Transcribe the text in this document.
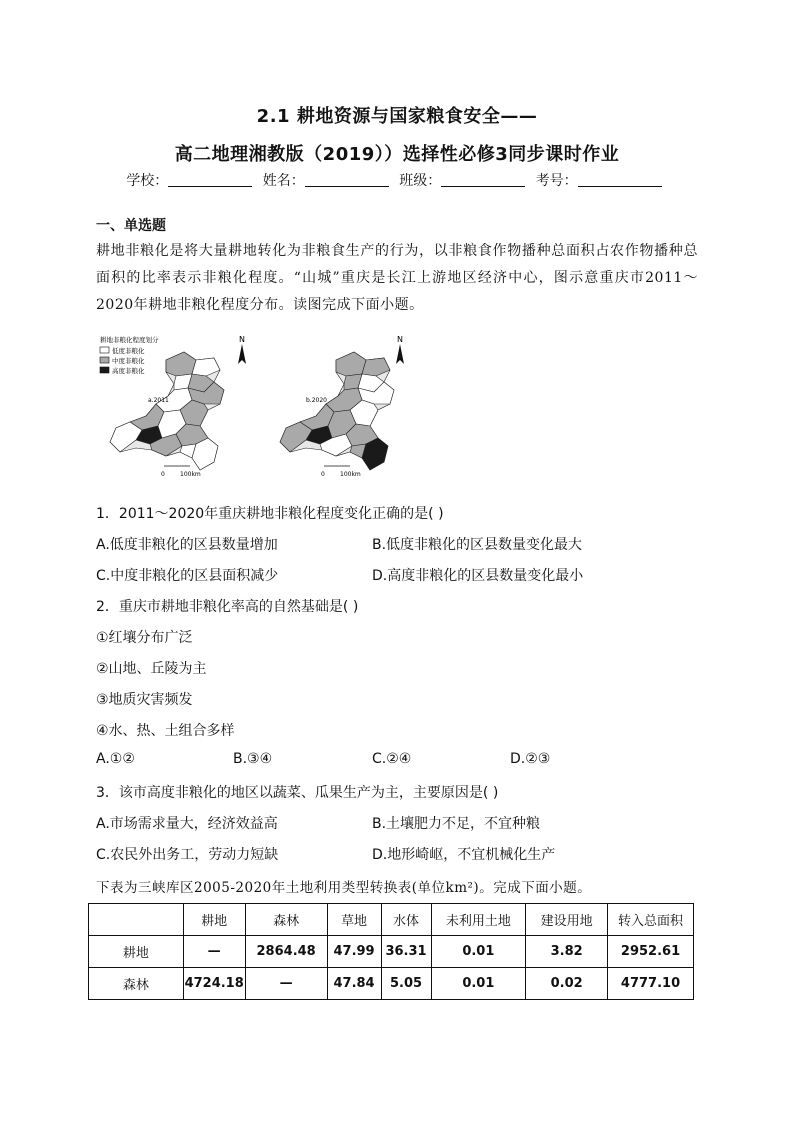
2.1 耕地资源与国家粮食安全——
高二地理湘教版（2019））选择性必修3同步课时作业
学校：	姓名：	班级：	考号：
一、单选题
耕地非粮化是将大量耕地转化为非粮食生产的行为，以非粮食作物播种总面积占农作物播种总面积的比率表示非粮化程度。“山城”重庆是长江上游地区经济中心，图示意重庆市2011～2020年耕地非粮化程度分布。读图完成下面小题。
耕地非粮化程度划分
低度非粮化
中度非粮化
高度非粮化
a.2011
N
0	100km
b.2020
N
0	100km
1．2011～2020年重庆耕地非粮化程度变化正确的是( )
A.低度非粮化的区县数量增加	B.低度非粮化的区县数量变化最大
C.中度非粮化的区县面积减少	D.高度非粮化的区县数量变化最小
2．重庆市耕地非粮化率高的自然基础是( )
①红壤分布广泛
②山地、丘陵为主
③地质灾害频发
④水、热、土组合多样
A.①②	B.③④	C.②④	D.②③
3．该市高度非粮化的地区以蔬菜、瓜果生产为主，主要原因是( )
A.市场需求量大，经济效益高	B.土壤肥力不足，不宜种粮
C.农民外出务工，劳动力短缺	D.地形崎岖，不宜机械化生产
下表为三峡库区2005-2020年土地利用类型转换表(单位km²)。完成下面小题。
	耕地	森林	草地	水体	未利用土地	建设用地	转入总面积
耕地	—	2864.48	47.99	36.31	0.01	3.82	2952.61
森林	4724.18	—	47.84	5.05	0.01	0.02	4777.10
